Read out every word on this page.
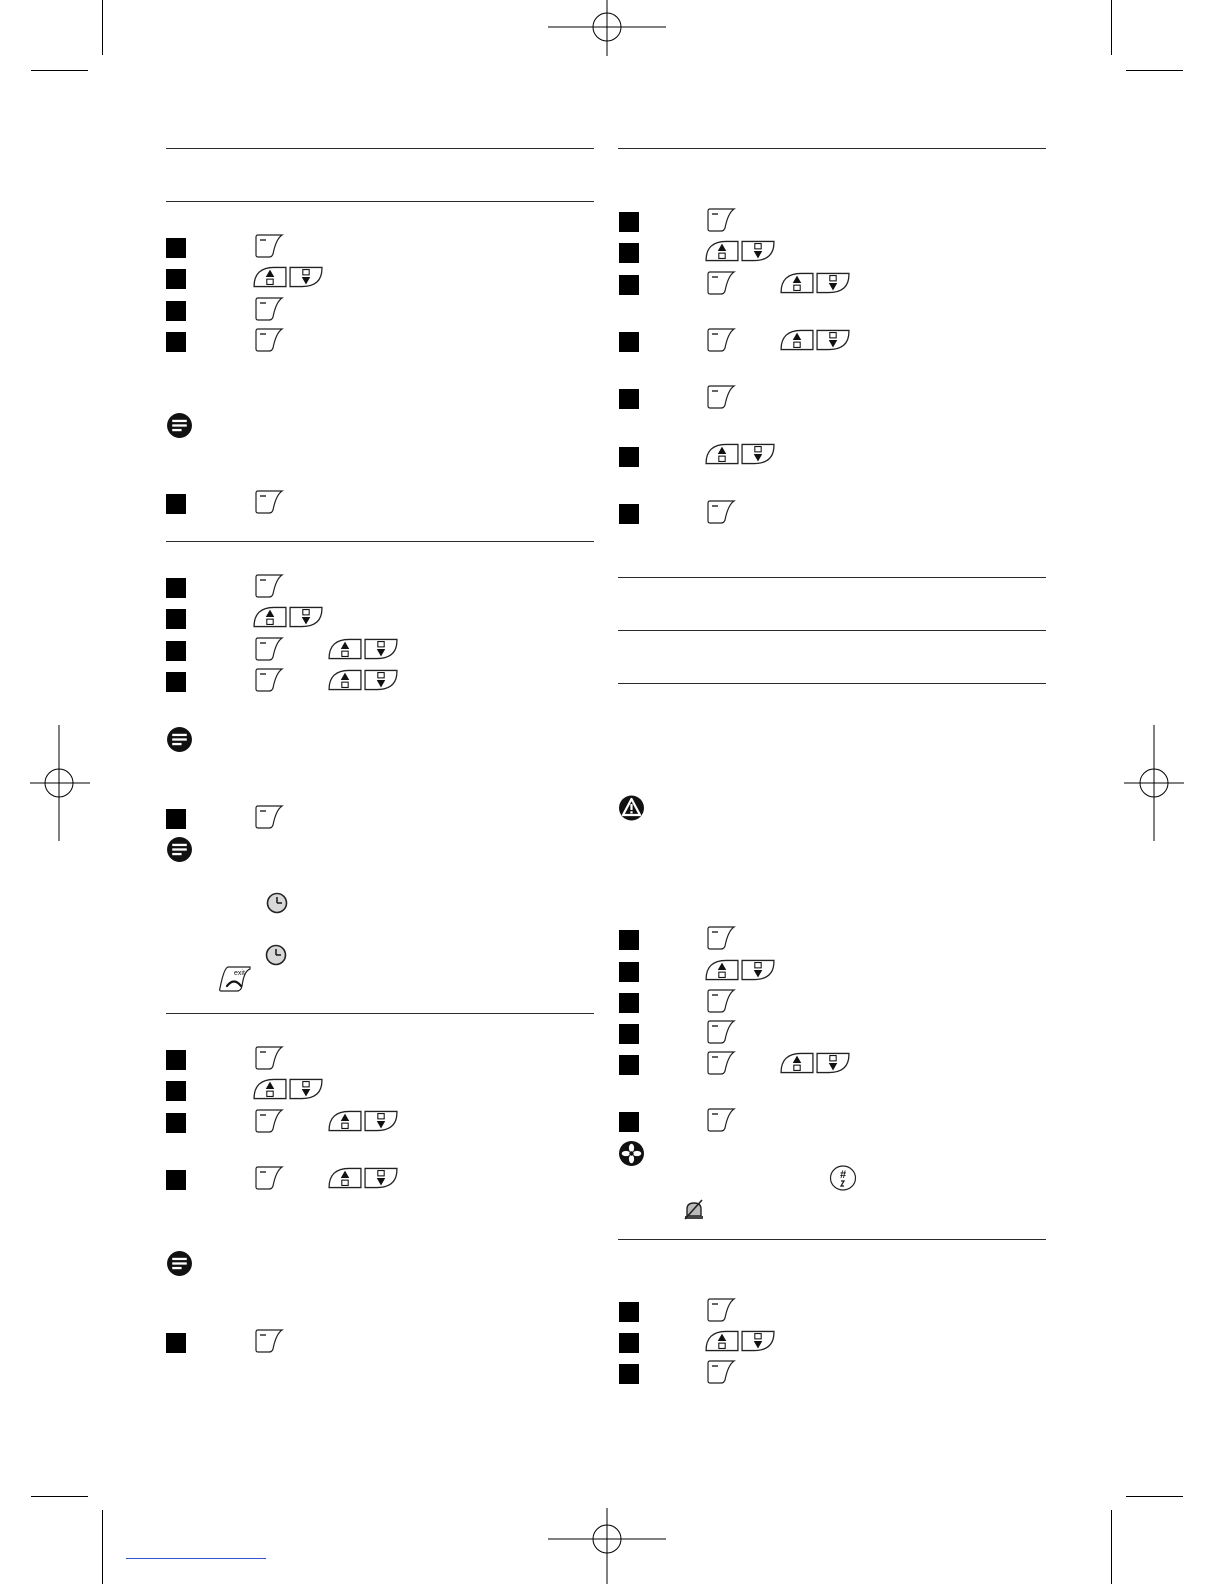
exit
#
